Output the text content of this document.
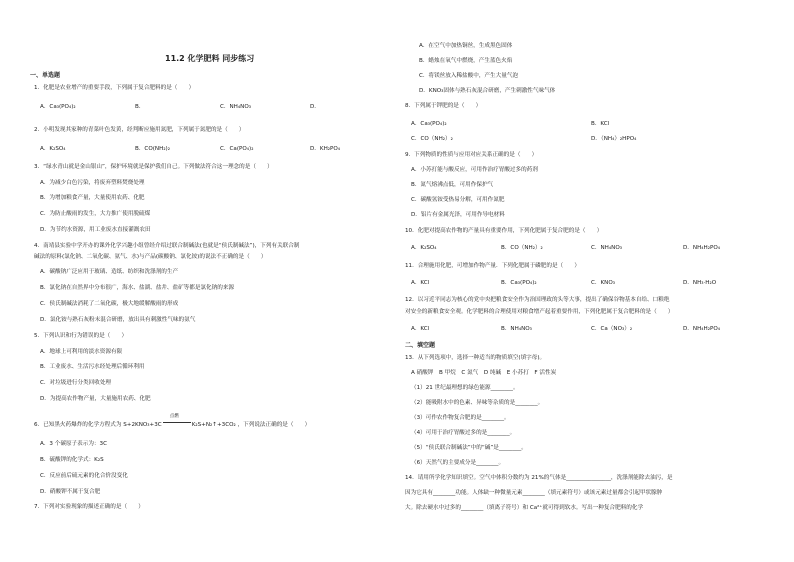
11.2 化学肥料 同步练习
一、单选题
1．化肥是农业增产的重要手段，下列属于复合肥料的是（　　）
A．Ca₃(PO₄)₂	B．	C．NH₄NO₃	D．
2．小明发现其家种的青菜叶色发黄，经判断应施用氮肥，下列属于氮肥的是（　　）
A．K₂SO₄	B．CO(NH₂)₂	C．Ca(PO₄)₂	D．KH₂PO₄
3．“绿水青山就是金山银山”，保护环境就是保护我们自己。下列做法符合这一理念的是（　　）
A．为减少白色污染，将废弃塑料焚烧处理
B．为增加粮食产量，大量使用农药、化肥
C．为防止酸雨的发生，大力推广使用脱硫煤
D．为节约水资源，用工业废水直接灌溉农田
4．南靖县实验中学开办的课外化学兴趣小组曾经介绍过联合制碱法(也就是“侯氏制碱法”)，下列有关联合制
碱法的原料(氯化钠、二氧化碳、氨气、水)与产品(碳酸钠、氯化铵)的说法不正确的是（　　）
A．碳酸钠广泛应用于玻璃、造纸、纺织和洗涤剂的生产
B．氯化钠在自然界中分布很广，海水、盐湖、盐井、盐矿等都是氯化钠的来源
C．侯氏制碱法消耗了二氧化碳，极大地缓解酸雨的形成
D．氯化铵与熟石灰粉末混合研磨，放出具有刺激性气味的氨气
5．下列认识和行为错误的是（　　）
A．地球上可利用的淡水资源有限
B．工业废水、生活污水经处理后循环利用
C．对垃圾进行分类回收处理
D．为提高农作物产量，大量施用农药、化肥
6．已知黑火药爆炸的化学方程式为 S+2KNO₃+3C
点燃
K₂S+N₂↑+3CO₂ ，下列说法正确的是（　　）
A．3 个碳原子表示为：3C
B．硫酸钾的化学式：K₂S
C．反应前后硫元素的化合价没变化
D．硝酸钾不属于复合肥
7．下列对实验现象的描述正确的是（　　）
A．在空气中加热铜丝，生成黑色固体
B．蜡烛在氧气中燃烧，产生蓝色火焰
C．将镁丝放入稀盐酸中，产生大量气泡
D．KNO₃固体与熟石灰混合研磨，产生刺激性气味气体
8．下列属于钾肥的是（　　）
A．Ca₃(PO₄)₂	B．KCl
C．CO（NH₂）₂	D．（NH₄）₂HPO₄
9．下列物质的性质与应用对应关系正确的是（　　）
A．小苏打能与酸反应，可用作治疗胃酸过多的药剂
B．氮气熔沸点低，可用作保护气
C．碳酸氢铵受热易分解，可用作氮肥
D．铝片有金属光泽，可用作导电材料
10．化肥对提高农作物的产量具有重要作用，下列化肥属于复合肥的是（　　）
A．K₂SO₄	B．CO（NH₂）₂	C．NH₄NO₃	D．NH₄H₂PO₄
11．合理施用化肥，可增加作物产量．下列化肥属于磷肥的是（　　）
A．KCl	B．Ca₃(PO₄)₂	C．KNO₃	D．NH₃·H₂O
12．以习近平同志为核心的党中央把粮食安全作为治国理政的头等大事，提出了确保谷物基本自给、口粮绝
对安全的新粮食安全观。化学肥料的合理使用对粮食增产起着重要作用，下列化肥属于复合肥料的是（　　）
A．KCl	B．NH₄NO₃	C．Ca（NO₃）₂	D．NH₄H₂PO₄
二、填空题
13．从下列选项中，选择一种适当的物质填空(填字母)。
A 硝酸钾　B 甲烷　C 氮气　D 纯碱　E 小苏打　F 活性炭
（1）21 世纪最理想的绿色能源________。
（2）能吸附水中的色素、异味等杂质的是________。
（3）可作农作物复合肥的是________。
（4）可用于治疗胃酸过多的是________。
（5）“侯氏联合制碱法”中的“碱”是________。
（6）天然气的主要成分是________。
14．请用所学化学知识填空。空气中体积分数约为 21%的气体是________________，洗涤剂能除去油污，是
因为它具有________功能。人体缺一种微量元素________（填元素符号）或该元素过量都会引起甲状腺肿
大。除去硬水中过多的________（填离子符号）和 Ca²⁺就可得到软水。写出一种复合肥料的化学
